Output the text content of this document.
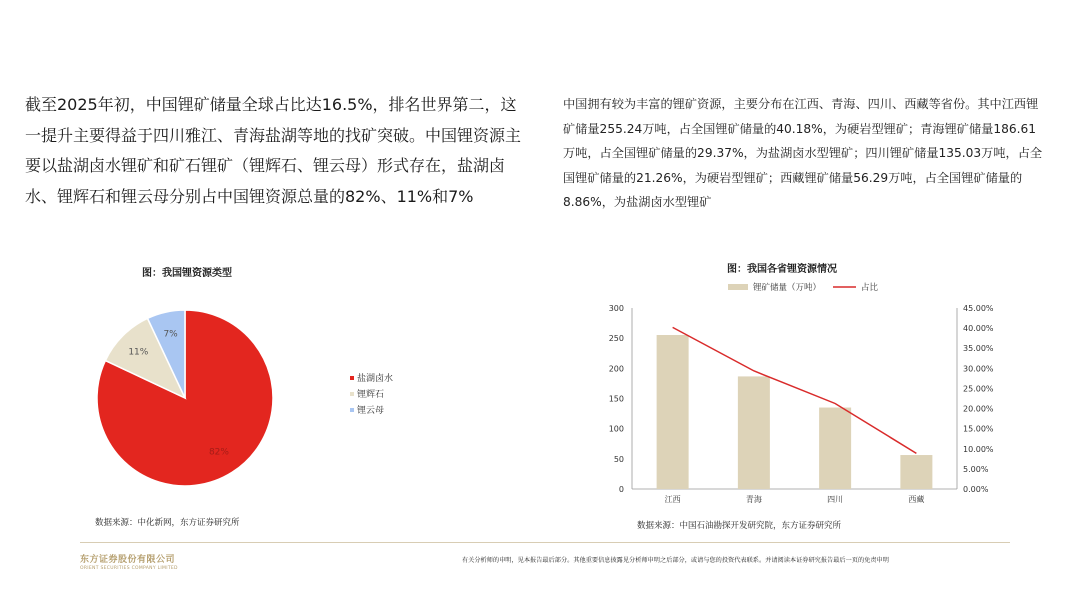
截至2025年初，中国锂矿储量全球占比达16.5%，排名世界第二，这一提升主要得益于四川雅江、青海盐湖等地的找矿突破。中国锂资源主要以盐湖卤水锂矿和矿石锂矿（锂辉石、锂云母）形式存在，盐湖卤水、锂辉石和锂云母分别占中国锂资源总量的82%、11%和7%
中国拥有较为丰富的锂矿资源，主要分布在江西、青海、四川、西藏等省份。其中江西锂矿储量255.24万吨，占全国锂矿储量的40.18%，为硬岩型锂矿；青海锂矿储量186.61万吨，占全国锂矿储量的29.37%，为盐湖卤水型锂矿；四川锂矿储量135.03万吨，占全国锂矿储量的21.26%，为硬岩型锂矿；西藏锂矿储量56.29万吨，占全国锂矿储量的8.86%，为盐湖卤水型锂矿
图：我国锂资源类型
82%
11%
7%
盐湖卤水
锂辉石
锂云母
数据来源：中化新网，东方证券研究所
图：我国各省锂资源情况
0
50
100
150
200
250
300
0.00%
5.00%
10.00%
15.00%
20.00%
25.00%
30.00%
35.00%
40.00%
45.00%
江西	青海	四川	西藏
锂矿储量（万吨）	占比
数据来源：中国石油勘探开发研究院，东方证券研究所
东方证券股份有限公司
ORIENT SECURITIES COMPANY LIMITED
有关分析师的申明，见本报告最后部分。其他重要信息披露见分析师申明之后部分，或请与您的投资代表联系。并请阅读本证券研究报告最后一页的免责申明
